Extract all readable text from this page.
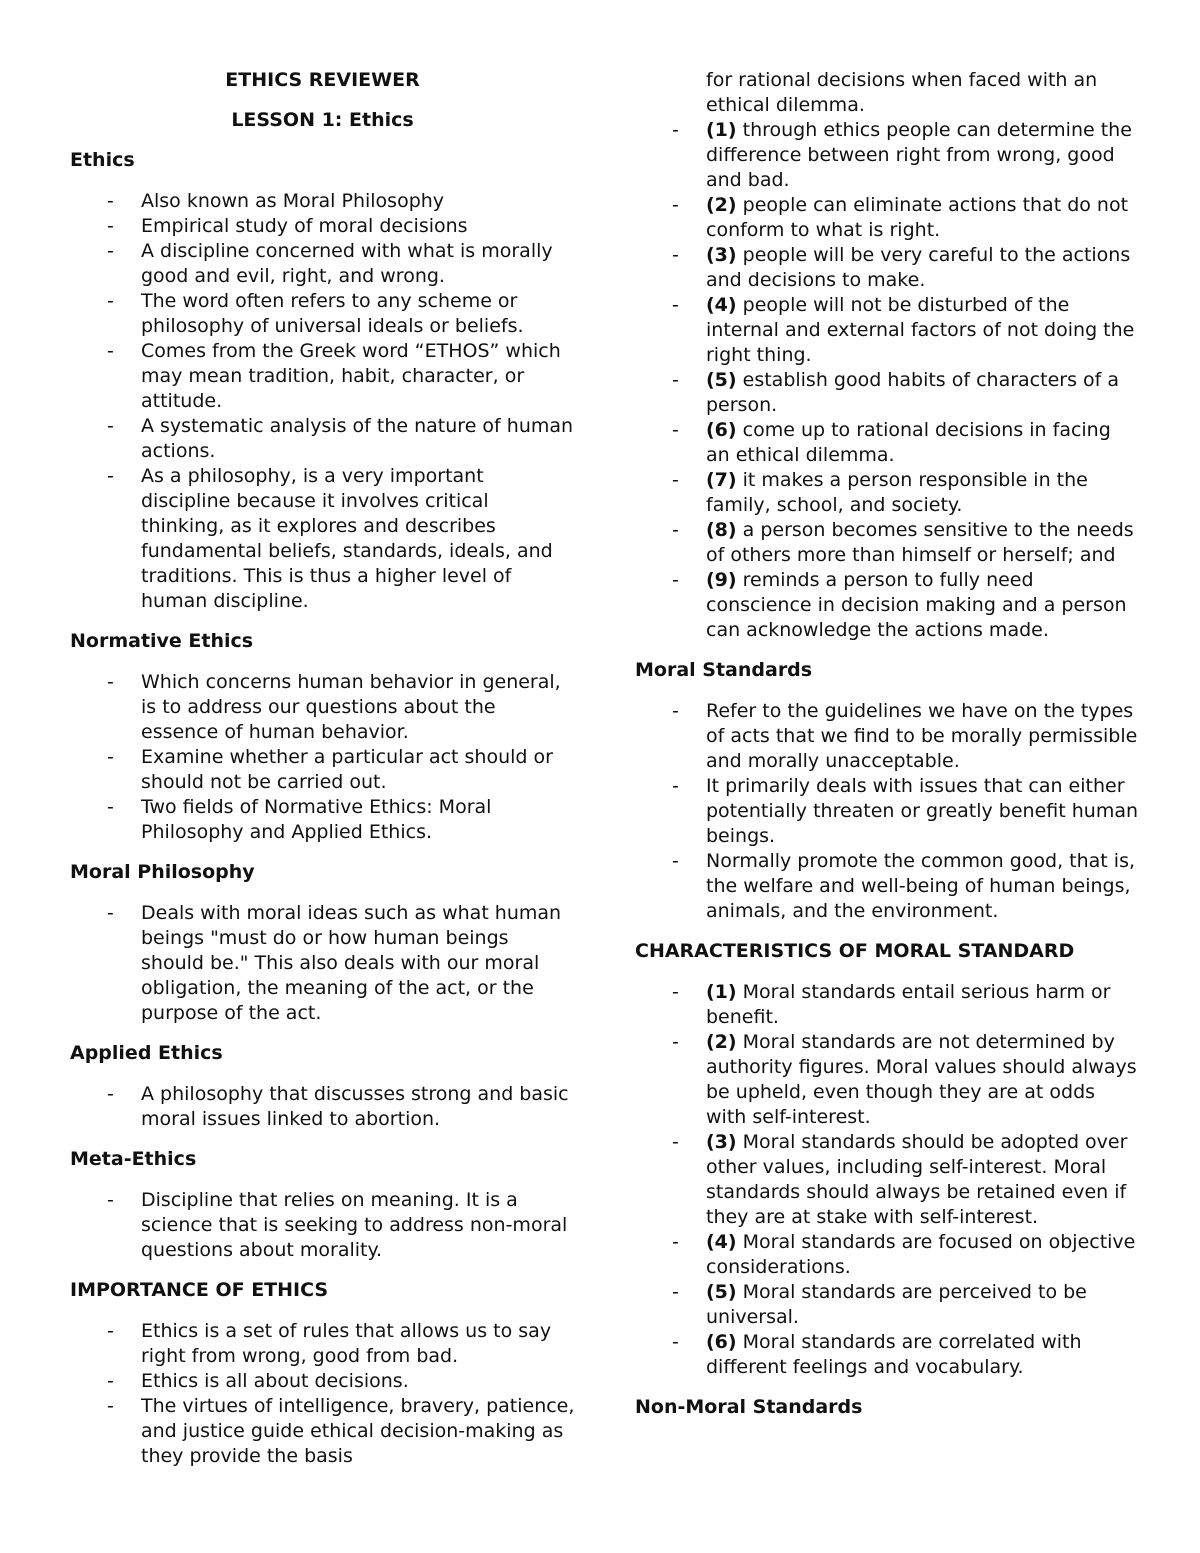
ETHICS REVIEWER
LESSON 1: Ethics
Ethics
- Also known as Moral Philosophy
- Empirical study of moral decisions
- A discipline concerned with what is morally good and evil, right, and wrong.
- The word often refers to any scheme or philosophy of universal ideals or beliefs.
- Comes from the Greek word “ETHOS” which may mean tradition, habit, character, or attitude.
- A systematic analysis of the nature of human actions.
- As a philosophy, is a very important discipline because it involves critical thinking, as it explores and describes fundamental beliefs, standards, ideals, and traditions. This is thus a higher level of human discipline.
Normative Ethics
- Which concerns human behavior in general, is to address our questions about the essence of human behavior.
- Examine whether a particular act should or should not be carried out.
- Two fields of Normative Ethics: Moral Philosophy and Applied Ethics.
Moral Philosophy
- Deals with moral ideas such as what human beings "must do or how human beings should be." This also deals with our moral obligation, the meaning of the act, or the purpose of the act.
Applied Ethics
- A philosophy that discusses strong and basic moral issues linked to abortion.
Meta-Ethics
- Discipline that relies on meaning. It is a science that is seeking to address non-moral questions about morality.
IMPORTANCE OF ETHICS
- Ethics is a set of rules that allows us to say right from wrong, good from bad.
- Ethics is all about decisions.
- The virtues of intelligence, bravery, patience, and justice guide ethical decision-making as they provide the basis
for rational decisions when faced with an ethical dilemma.
- (1) through ethics people can determine the difference between right from wrong, good and bad.
- (2) people can eliminate actions that do not conform to what is right.
- (3) people will be very careful to the actions and decisions to make.
- (4) people will not be disturbed of the internal and external factors of not doing the right thing.
- (5) establish good habits of characters of a person.
- (6) come up to rational decisions in facing an ethical dilemma.
- (7) it makes a person responsible in the family, school, and society.
- (8) a person becomes sensitive to the needs of others more than himself or herself; and
- (9) reminds a person to fully need conscience in decision making and a person can acknowledge the actions made.
Moral Standards
- Refer to the guidelines we have on the types of acts that we find to be morally permissible and morally unacceptable.
- It primarily deals with issues that can either potentially threaten or greatly benefit human beings.
- Normally promote the common good, that is, the welfare and well-being of human beings, animals, and the environment.
CHARACTERISTICS OF MORAL STANDARD
- (1) Moral standards entail serious harm or benefit.
- (2) Moral standards are not determined by authority figures. Moral values should always be upheld, even though they are at odds with self-interest.
- (3) Moral standards should be adopted over other values, including self-interest. Moral standards should always be retained even if they are at stake with self-interest.
- (4) Moral standards are focused on objective considerations.
- (5) Moral standards are perceived to be universal.
- (6) Moral standards are correlated with different feelings and vocabulary.
Non-Moral Standards
